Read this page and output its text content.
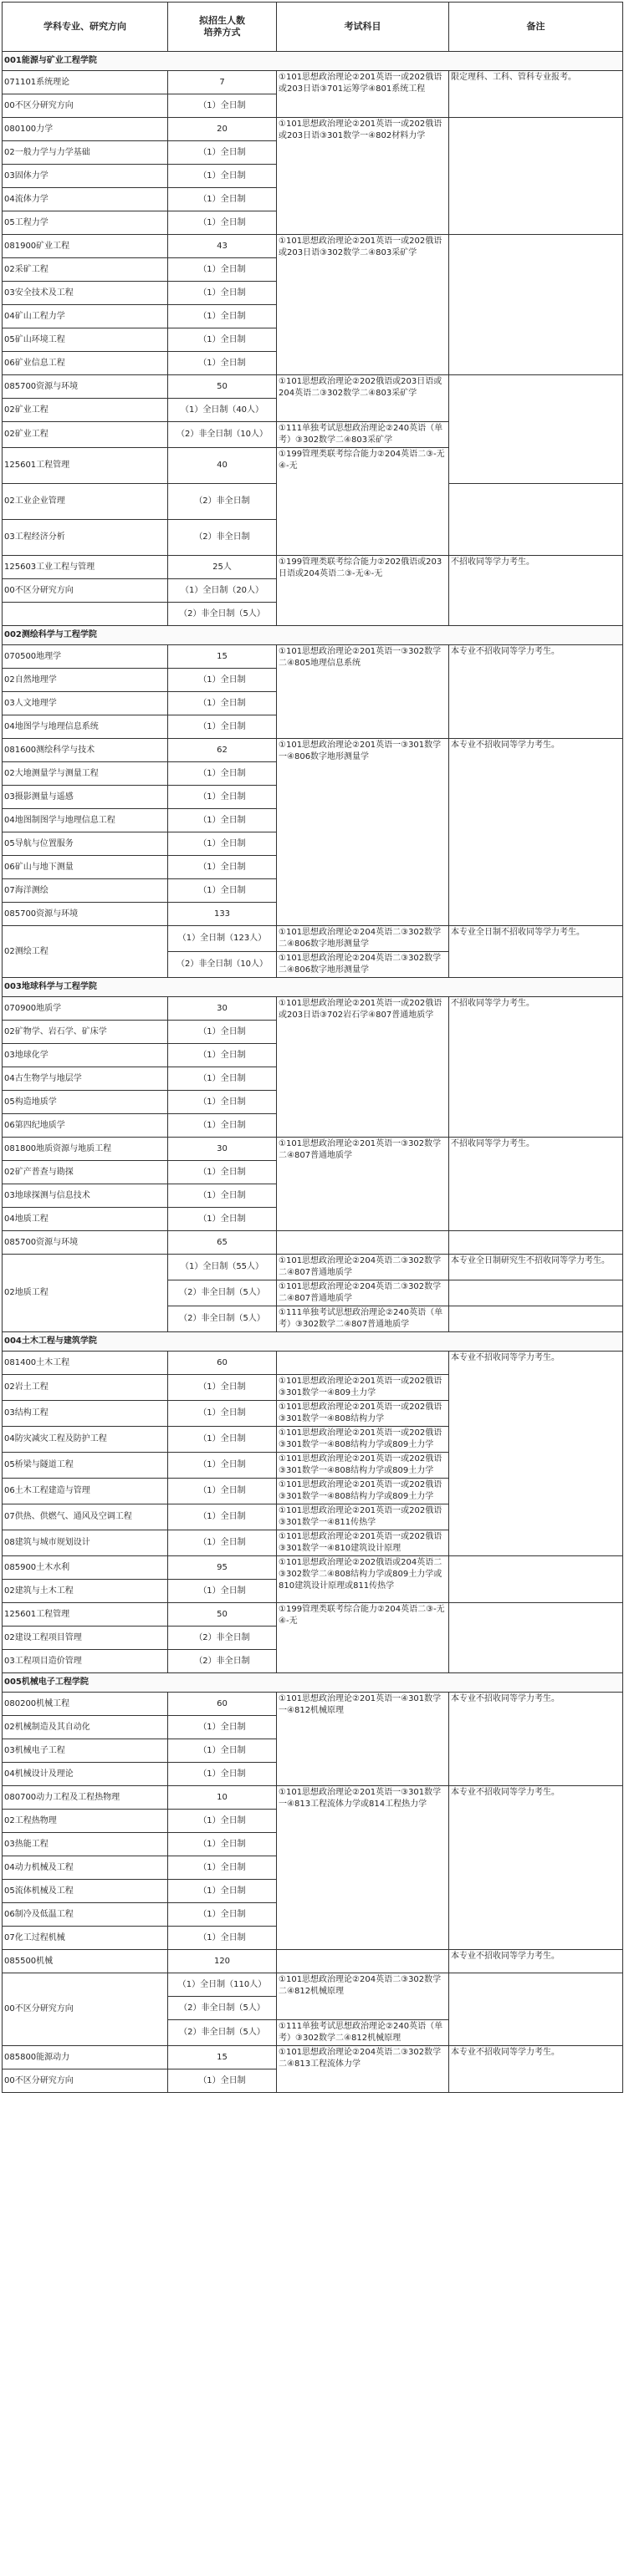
学科专业、研究方向	拟招生人数
培养方式	考试科目	备注	
001能源与矿业工程学院				
071101系统理论	7	①101思想政治理论②201英语一或202俄语或203日语③701运筹学④801系统工程	限定理科、工科、管科专业报考。	
00不区分研究方向	（1）全日制			
080100力学	20	①101思想政治理论②201英语一或202俄语或203日语③301数学一④802材料力学		
02一般力学与力学基础	（1）全日制			
03固体力学	（1）全日制			
04流体力学	（1）全日制			
05工程力学	（1）全日制			
081900矿业工程	43	①101思想政治理论②201英语一或202俄语或203日语③302数学二④803采矿学		
02采矿工程	（1）全日制			
03安全技术及工程	（1）全日制			
04矿山工程力学	（1）全日制			
05矿山环境工程	（1）全日制			
06矿业信息工程	（1）全日制			
085700资源与环境	50	①101思想政治理论②202俄语或203日语或204英语二③302数学二④803采矿学		
02矿业工程	（1）全日制（40人）			
02矿业工程	（2）非全日制（10人）	①111单独考试思想政治理论②240英语（单考）③302数学二④803采矿学		
125601工程管理	40	①199管理类联考综合能力②204英语二③-无④-无	
02工业企业管理	（2）非全日制			
03工程经济分析	（2）非全日制			
125603工业工程与管理	25人	①199管理类联考综合能力②202俄语或203日语或204英语二③-无④-无	不招收同等学力考生。	
00不区分研究方向	（1）全日制（20人）			
	（2）非全日制（5人）			
002测绘科学与工程学院				
070500地理学	15	①101思想政治理论②201英语一③302数学二④805地理信息系统	本专业不招收同等学力考生。	
02自然地理学	（1）全日制			
03人文地理学	（1）全日制			
04地图学与地理信息系统	（1）全日制			
081600测绘科学与技术	62	①101思想政治理论②201英语一③301数学一④806数字地形测量学	本专业不招收同等学力考生。	
02大地测量学与测量工程	（1）全日制			
03摄影测量与遥感	（1）全日制			
04地图制图学与地理信息工程	（1）全日制			
05导航与位置服务	（1）全日制			
06矿山与地下测量	（1）全日制			
07海洋测绘	（1）全日制			
085700资源与环境	133			
02测绘工程	（1）全日制（123人）	①101思想政治理论②204英语二③302数学二④806数字地形测量学	本专业全日制不招收同等学力考生。	
	（2）非全日制（10人）	①101思想政治理论②204英语二③302数学二④806数字地形测量学		
003地球科学与工程学院				
070900地质学	30	①101思想政治理论②201英语一或202俄语或203日语③702岩石学④807普通地质学	不招收同等学力考生。	
02矿物学、岩石学、矿床学	（1）全日制			
03地球化学	（1）全日制			
04古生物学与地层学	（1）全日制			
05构造地质学	（1）全日制			
06第四纪地质学	（1）全日制			
081800地质资源与地质工程	30	①101思想政治理论②201英语一③302数学二④807普通地质学	不招收同等学力考生。	
02矿产普查与勘探	（1）全日制			
03地球探测与信息技术	（1）全日制			
04地质工程	（1）全日制			
085700资源与环境	65			
02地质工程	（1）全日制（55人）	①101思想政治理论②204英语二③302数学二④807普通地质学	本专业全日制研究生不招收同等学力考生。	
	（2）非全日制（5人）	①101思想政治理论②204英语二③302数学二④807普通地质学		
	（2）非全日制（5人）	①111单独考试思想政治理论②240英语（单考）③302数学二④807普通地质学		
004土木工程与建筑学院				
081400土木工程	60		本专业不招收同等学力考生。	
02岩土工程	（1）全日制	①101思想政治理论②201英语一或202俄语③301数学一④809土力学		
03结构工程	（1）全日制	①101思想政治理论②201英语一或202俄语③301数学一④808结构力学		
04防灾减灾工程及防护工程	（1）全日制	①101思想政治理论②201英语一或202俄语③301数学一④808结构力学或809土力学		
05桥梁与隧道工程	（1）全日制	①101思想政治理论②201英语一或202俄语③301数学一④808结构力学或809土力学		
06土木工程建造与管理	（1）全日制	①101思想政治理论②201英语一或202俄语③301数学一④808结构力学或809土力学		
07供热、供燃气、通风及空调工程	（1）全日制	①101思想政治理论②201英语一或202俄语③301数学一④811传热学		
08建筑与城市规划设计	（1）全日制	①101思想政治理论②201英语一或202俄语③301数学一④810建筑设计原理		
085900土木水利	95	①101思想政治理论②202俄语或204英语二③302数学二④808结构力学或809土力学或810建筑设计原理或811传热学		
02建筑与土木工程	（1）全日制			
125601工程管理	50	①199管理类联考综合能力②204英语二③-无④-无		
02建设工程项目管理	（2）非全日制			
03工程项目造价管理	（2）非全日制			
005机械电子工程学院				
080200机械工程	60	①101思想政治理论②201英语一④301数学一④812机械原理	本专业不招收同等学力考生。	
02机械制造及其自动化	（1）全日制			
03机械电子工程	（1）全日制			
04机械设计及理论	（1）全日制			
080700动力工程及工程热物理	10	①101思想政治理论②201英语一③301数学一④813工程流体力学或814工程热力学	本专业不招收同等学力考生。	
02工程热物理	（1）全日制			
03热能工程	（1）全日制			
04动力机械及工程	（1）全日制			
05流体机械及工程	（1）全日制			
06制冷及低温工程	（1）全日制			
07化工过程机械	（1）全日制			
085500机械	120		本专业不招收同等学力考生。	
00不区分研究方向	（1）全日制（110人）	①101思想政治理论②204英语二③302数学二④812机械原理		
	（2）非全日制（5人）			
	（2）非全日制（5人）	①111单独考试思想政治理论②240英语（单考）③302数学二④812机械原理		
085800能源动力	15	①101思想政治理论②204英语二③302数学二④813工程流体力学	本专业不招收同等学力考生。	
00不区分研究方向	（1）全日制			
